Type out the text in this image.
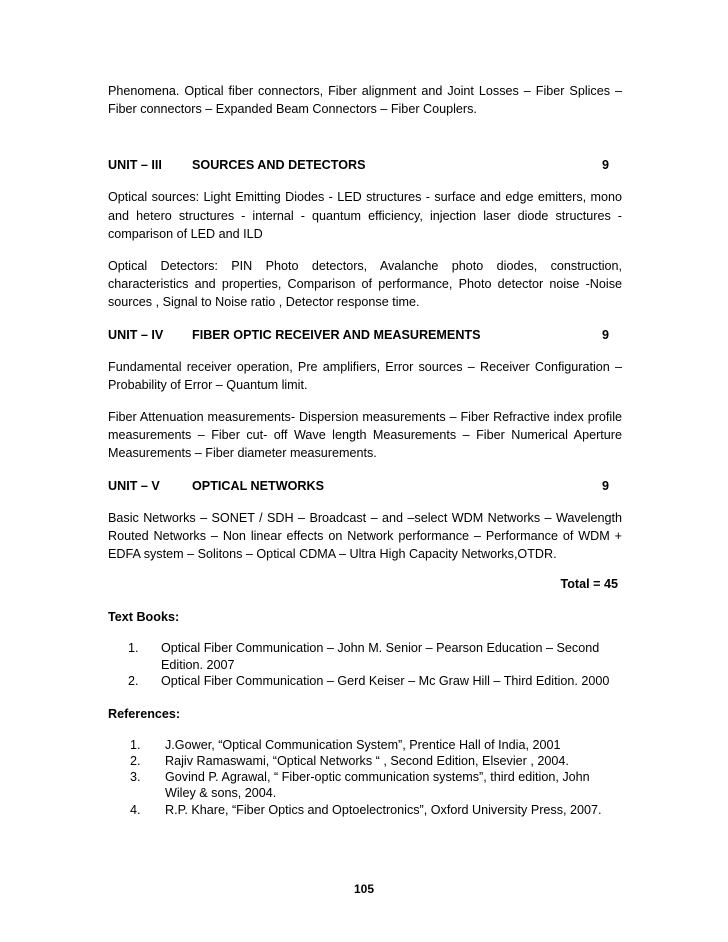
Phenomena. Optical fiber connectors, Fiber alignment and Joint Losses – Fiber Splices – Fiber connectors – Expanded Beam Connectors – Fiber Couplers.

UNIT – III	SOURCES AND DETECTORS	9

Optical sources: Light Emitting Diodes - LED structures - surface and edge emitters, mono and hetero structures - internal - quantum efficiency, injection laser diode structures - comparison of LED and ILD

Optical Detectors: PIN Photo detectors, Avalanche photo diodes, construction, characteristics and properties, Comparison of performance, Photo detector noise -Noise sources , Signal to Noise ratio , Detector response time.

UNIT – IV	FIBER OPTIC RECEIVER AND MEASUREMENTS	9

Fundamental receiver operation, Pre amplifiers, Error sources – Receiver Configuration – Probability of Error – Quantum limit.

Fiber Attenuation measurements- Dispersion measurements – Fiber Refractive index profile measurements – Fiber cut- off Wave length Measurements – Fiber Numerical Aperture Measurements – Fiber diameter measurements.

UNIT – V	OPTICAL NETWORKS	9

Basic Networks – SONET / SDH – Broadcast – and –select WDM Networks – Wavelength Routed Networks – Non linear effects on Network performance – Performance of WDM + EDFA system – Solitons – Optical CDMA – Ultra High Capacity Networks,OTDR.

Total = 45

Text Books:

1.	Optical Fiber Communication – John M. Senior – Pearson Education – Second Edition. 2007
2.	Optical Fiber Communication – Gerd Keiser – Mc Graw Hill – Third Edition. 2000

References:

1.	J.Gower, “Optical Communication System”, Prentice Hall of India, 2001
2.	Rajiv Ramaswami, “Optical Networks “ , Second Edition, Elsevier , 2004.
3.	Govind P. Agrawal, “ Fiber-optic communication systems”, third edition, John Wiley & sons, 2004.
4.	R.P. Khare, “Fiber Optics and Optoelectronics”, Oxford University Press, 2007.
105
